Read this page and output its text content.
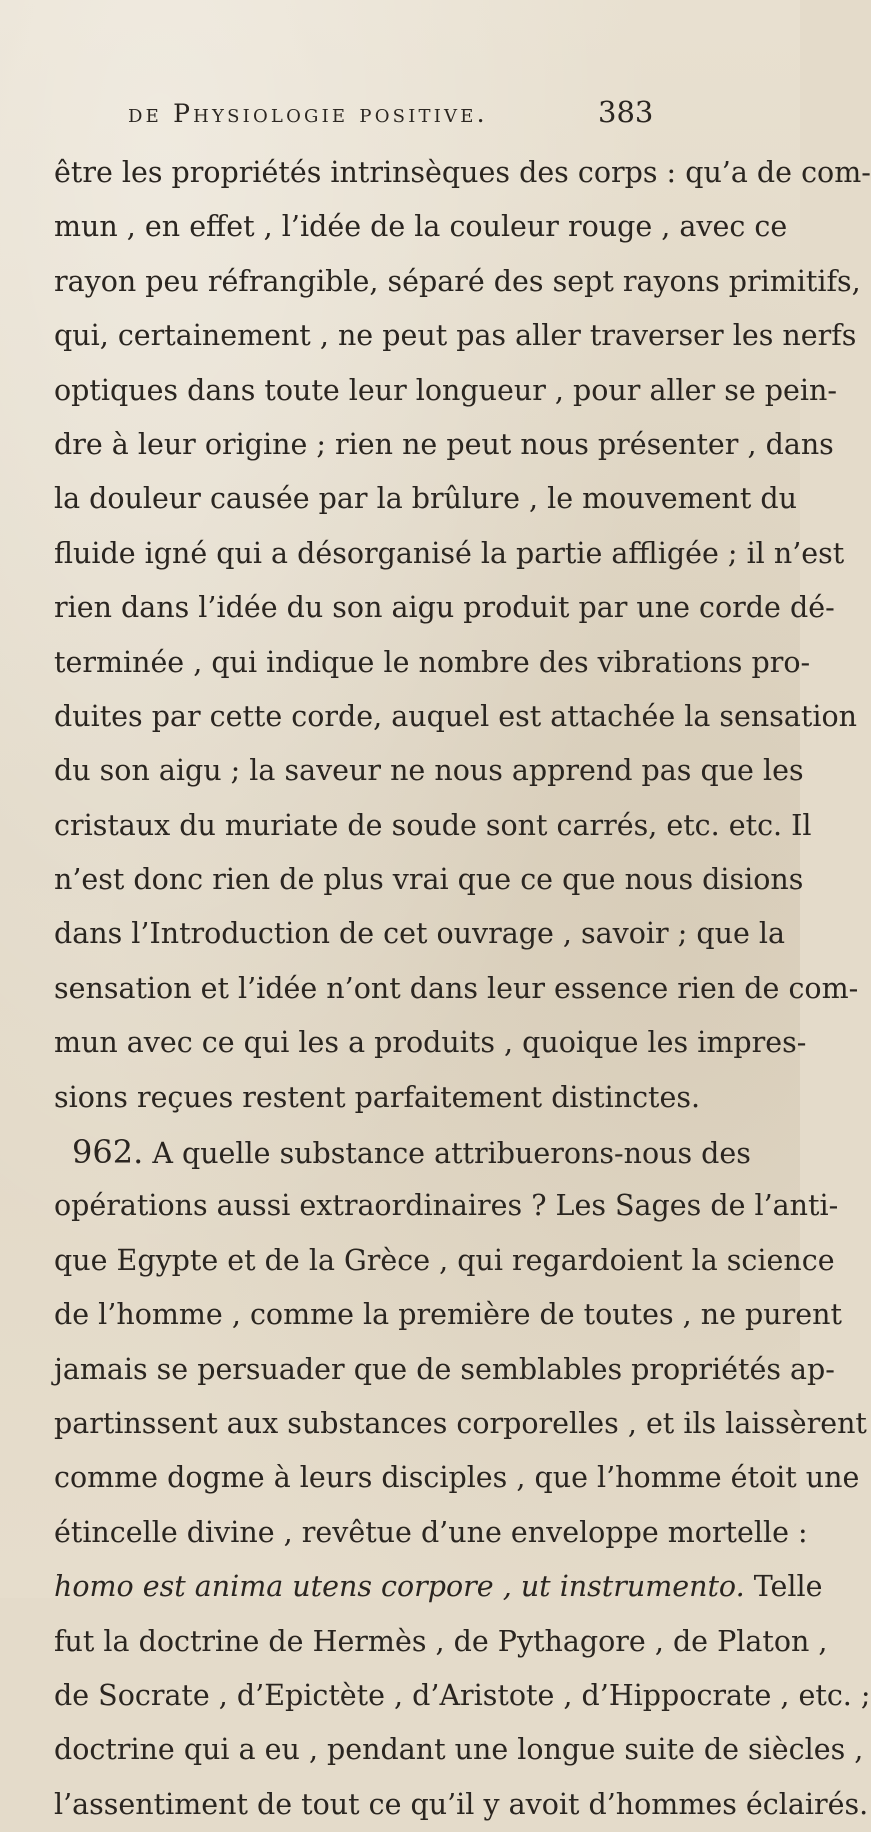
de Physiologie positive.	383
être les propriétés intrinsèques des corps : qu’a de com-
mun , en effet , l’idée de la couleur rouge , avec ce
rayon peu réfrangible, séparé des sept rayons primitifs,
qui, certainement , ne peut pas aller traverser les nerfs
optiques dans toute leur longueur , pour aller se pein-
dre à leur origine ; rien ne peut nous présenter , dans
la douleur causée par la brûlure , le mouvement du
fluide igné qui a désorganisé la partie affligée ; il n’est
rien dans l’idée du son aigu produit par une corde dé-
terminée , qui indique le nombre des vibrations pro-
duites par cette corde, auquel est attachée la sensation
du son aigu ; la saveur ne nous apprend pas que les
cristaux du muriate de soude sont carrés, etc. etc. Il
n’est donc rien de plus vrai que ce que nous disions
dans l’Introduction de cet ouvrage , savoir ; que la
sensation et l’idée n’ont dans leur essence rien de com-
mun avec ce qui les a produits , quoique les impres-
sions reçues restent parfaitement distinctes.
962. A quelle substance attribuerons-nous des
opérations aussi extraordinaires ? Les Sages de l’anti-
que Egypte et de la Grèce , qui regardoient la science
de l’homme , comme la première de toutes , ne purent
jamais se persuader que de semblables propriétés ap-
partinssent aux substances corporelles , et ils laissèrent
comme dogme à leurs disciples , que l’homme étoit une
étincelle divine , revêtue d’une enveloppe mortelle :
homo est anima utens corpore , ut instrumento. Telle
fut la doctrine de Hermès , de Pythagore , de Platon ,
de Socrate , d’Epictète , d’Aristote , d’Hippocrate , etc. ;
doctrine qui a eu , pendant une longue suite de siècles ,
l’assentiment de tout ce qu’il y avoit d’hommes éclairés.
